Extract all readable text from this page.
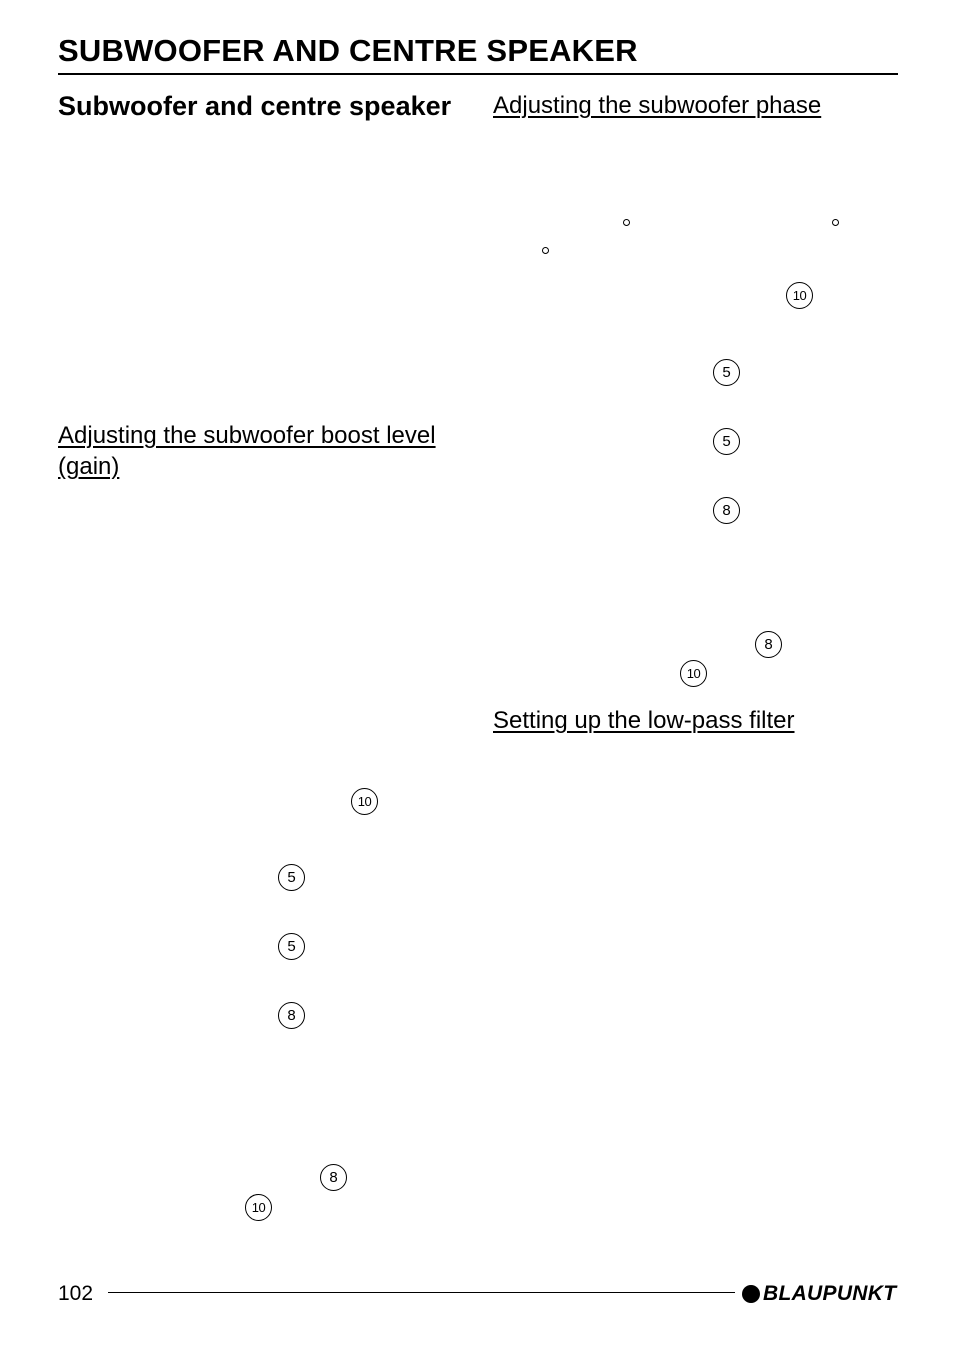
SUBWOOFER AND CENTRE SPEAKER
Subwoofer and centre speaker
Adjusting the subwoofer boost level (gain)
10
5
5
8
8
10
Adjusting the subwoofer phase
10
5
5
8
8
10
Setting up the low-pass filter
102	BLAUPUNKT
